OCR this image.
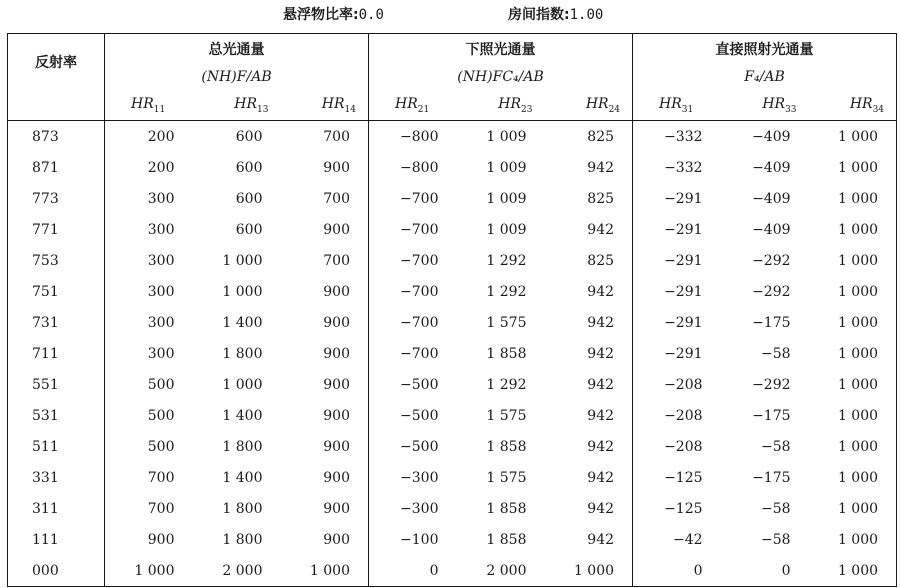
悬浮物比率:0.0	房间指数:1.00
反射率	总光通量			下照光通量			直接照射光通量		
	(NH)F/AB			(NH)FC₄/AB			F₄/AB		
	$HR_{11}$	$HR_{13}$	$HR_{14}$	$HR_{21}$	$HR_{23}$	$HR_{24}$	$HR_{31}$	$HR_{33}$	$HR_{34}$
873	200	600	700	−800	1 009	825	−332	−409	1 000
871	200	600	900	−800	1 009	942	−332	−409	1 000
773	300	600	700	−700	1 009	825	−291	−409	1 000
771	300	600	900	−700	1 009	942	−291	−409	1 000
753	300	1 000	700	−700	1 292	825	−291	−292	1 000
751	300	1 000	900	−700	1 292	942	−291	−292	1 000
731	300	1 400	900	−700	1 575	942	−291	−175	1 000
711	300	1 800	900	−700	1 858	942	−291	−58	1 000
551	500	1 000	900	−500	1 292	942	−208	−292	1 000
531	500	1 400	900	−500	1 575	942	−208	−175	1 000
511	500	1 800	900	−500	1 858	942	−208	−58	1 000
331	700	1 400	900	−300	1 575	942	−125	−175	1 000
311	700	1 800	900	−300	1 858	942	−125	−58	1 000
111	900	1 800	900	−100	1 858	942	−42	−58	1 000
000	1 000	2 000	1 000	0	2 000	1 000	0	0	1 000
